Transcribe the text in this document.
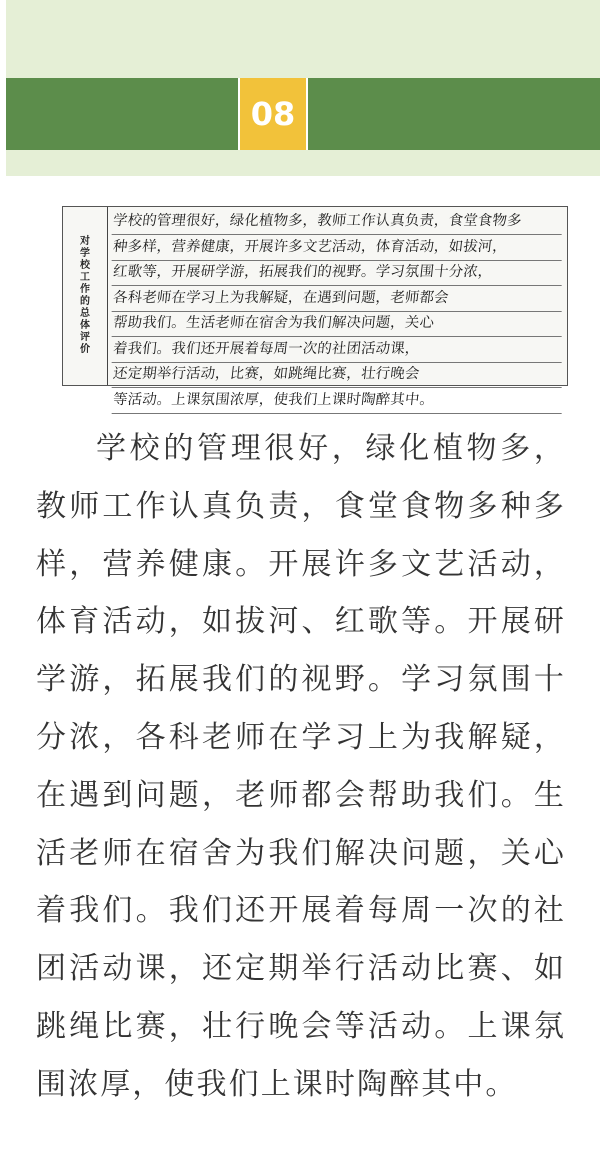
08
对
学
校
工
作
的
总
体
评
价
学校的管理很好，绿化植物多，教师工作认真负责，食堂食物多
种多样，营养健康，开展许多文艺活动，体育活动，如拔河，
红歌等，开展研学游，拓展我们的视野。学习氛围十分浓，
各科老师在学习上为我解疑，在遇到问题，老师都会
帮助我们。生活老师在宿舍为我们解决问题，关心
着我们。我们还开展着每周一次的社团活动课，
还定期举行活动，比赛，如跳绳比赛，壮行晚会
等活动。上课氛围浓厚，使我们上课时陶醉其中。

学校的管理很好，绿化植物多，教师工作认真负责，食堂食物多种多样，营养健康。开展许多文艺活动，体育活动，如拔河、红歌等。开展研学游，拓展我们的视野。学习氛围十分浓，各科老师在学习上为我解疑，在遇到问题，老师都会帮助我们。生活老师在宿舍为我们解决问题，关心着我们。我们还开展着每周一次的社团活动课，还定期举行活动比赛、如跳绳比赛，壮行晚会等活动。上课氛围浓厚，使我们上课时陶醉其中。
